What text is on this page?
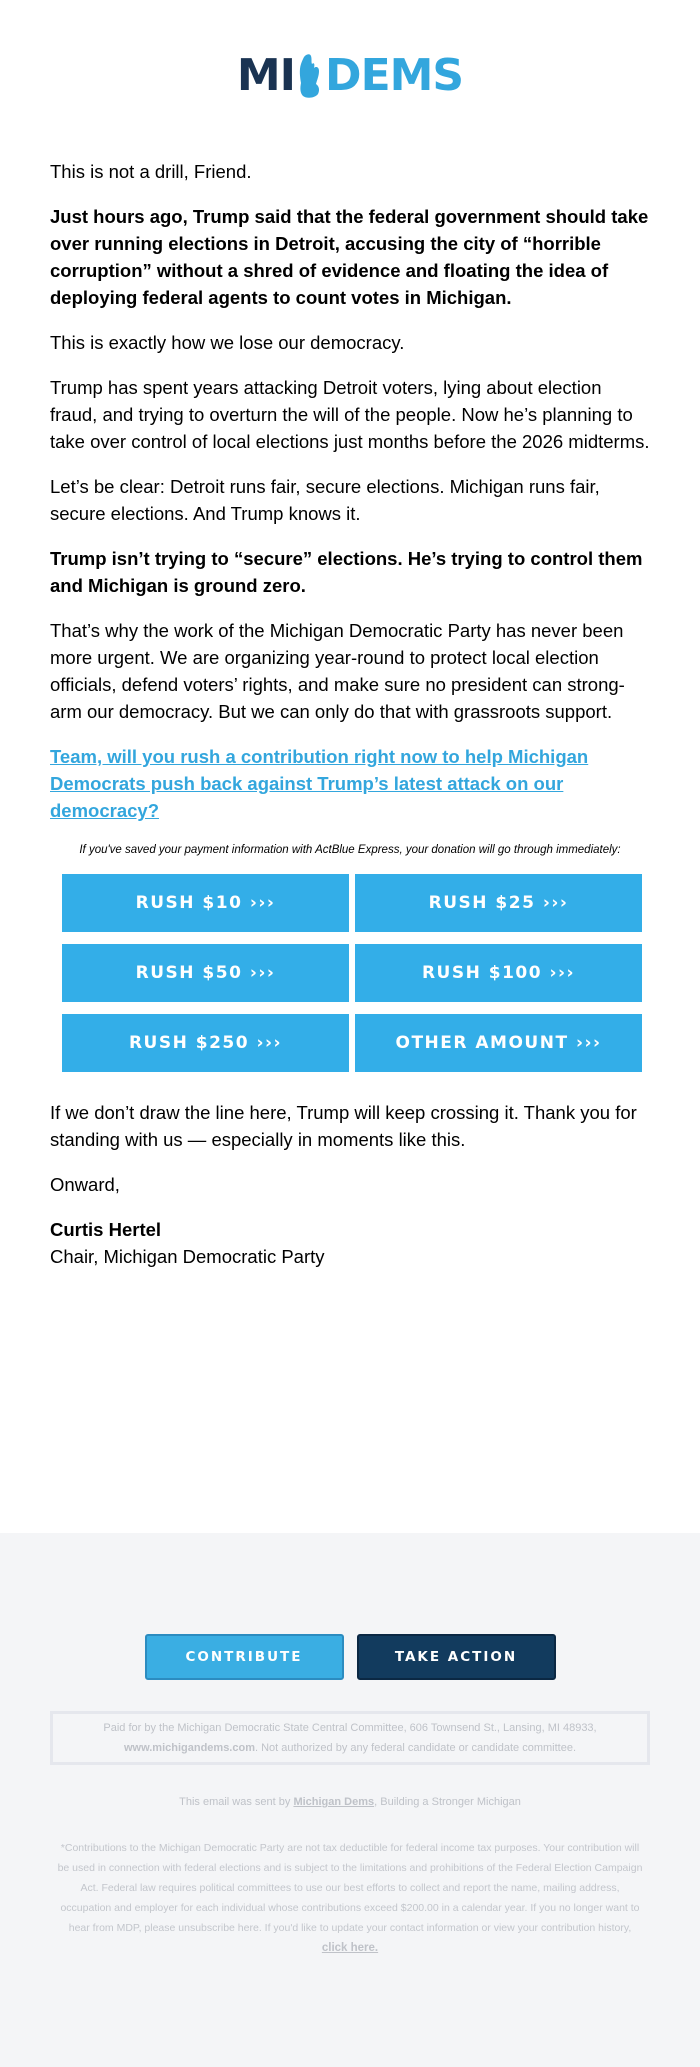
MI DEMS

This is not a drill, Friend.

Just hours ago, Trump said that the federal government should take over running elections in Detroit, accusing the city of “horrible corruption” without a shred of evidence and floating the idea of deploying federal agents to count votes in Michigan.

This is exactly how we lose our democracy.

Trump has spent years attacking Detroit voters, lying about election fraud, and trying to overturn the will of the people. Now he’s planning to take over control of local elections just months before the 2026 midterms.

Let’s be clear: Detroit runs fair, secure elections. Michigan runs fair, secure elections. And Trump knows it.

Trump isn’t trying to “secure” elections. He’s trying to control them and Michigan is ground zero.

That’s why the work of the Michigan Democratic Party has never been more urgent. We are organizing year-round to protect local election officials, defend voters’ rights, and make sure no president can strong-arm our democracy. But we can only do that with grassroots support.

Team, will you rush a contribution right now to help Michigan Democrats push back against Trump’s latest attack on our democracy?
If you've saved your payment information with ActBlue Express, your donation will go through immediately:
RUSH $10 ›››	RUSH $25 ›››
RUSH $50 ›››	RUSH $100 ›››
RUSH $250 ›››	OTHER AMOUNT ›››

If we don’t draw the line here, Trump will keep crossing it. Thank you for standing with us — especially in moments like this.

Onward,

Curtis Hertel
Chair, Michigan Democratic Party
CONTRIBUTE	TAKE ACTION

Paid for by the Michigan Democratic State Central Committee, 606 Townsend St., Lansing, MI 48933,

www.michigandems.com. Not authorized by any federal candidate or candidate committee.

This email was sent by Michigan Dems, Building a Stronger Michigan
*Contributions to the Michigan Democratic Party are not tax deductible for federal income tax purposes. Your contribution will be used in connection with federal elections and is subject to the limitations and prohibitions of the Federal Election Campaign Act. Federal law requires political committees to use our best efforts to collect and report the name, mailing address, occupation and employer for each individual whose contributions exceed $200.00 in a calendar year. If you no longer want to hear from MDP, please unsubscribe here. If you'd like to update your contact information or view your contribution history, click here.
